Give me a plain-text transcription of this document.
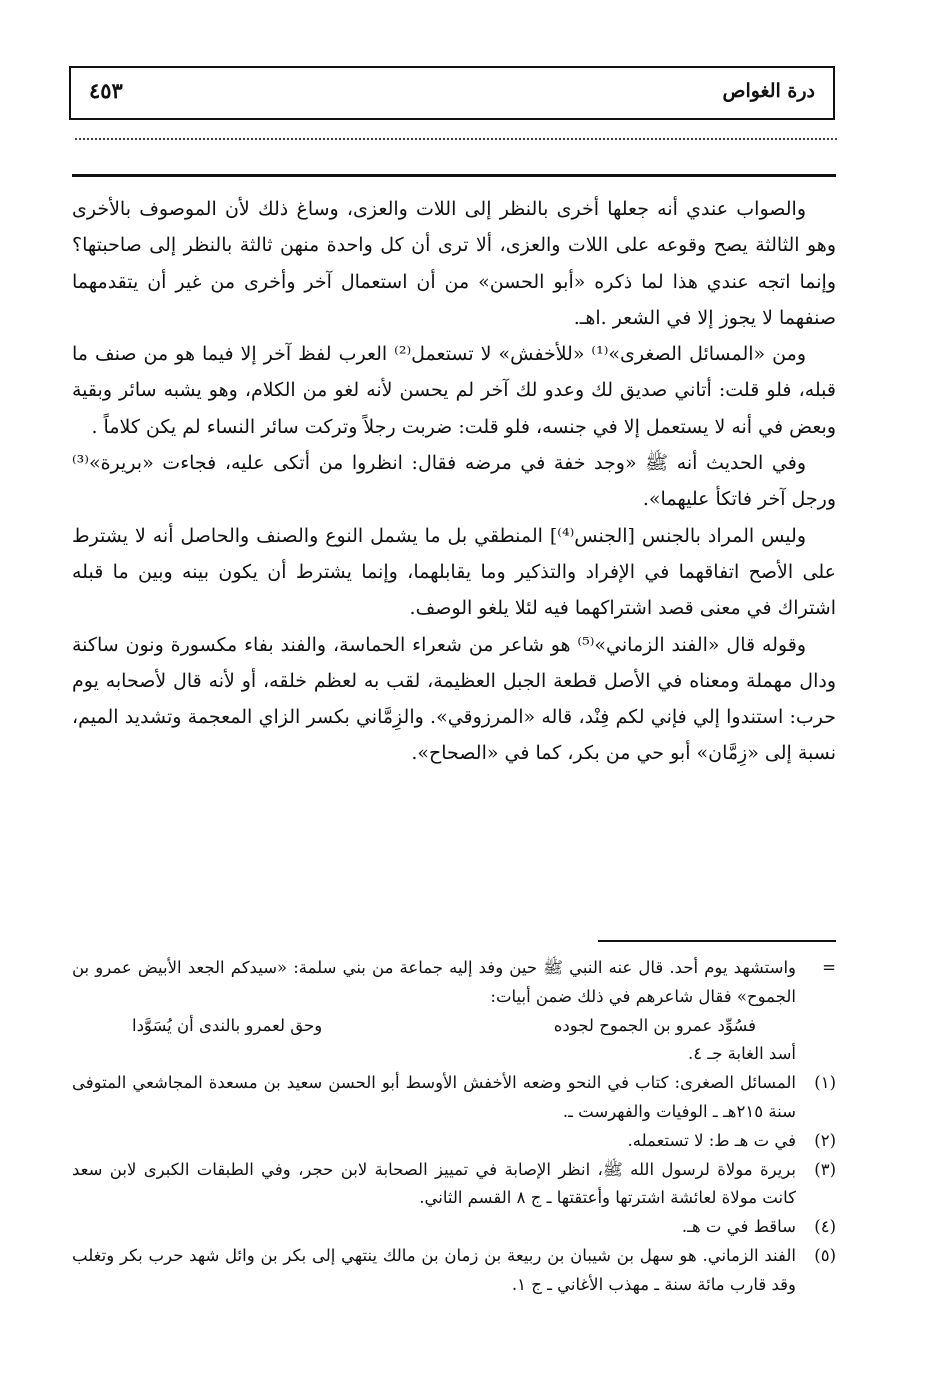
درة الغواص
٤٥٣

والصواب عندي أنه جعلها أخرى بالنظر إلى اللات والعزى، وساغ ذلك لأن الموصوف بالأخرى وهو الثالثة يصح وقوعه على اللات والعزى، ألا ترى أن كل واحدة منهن ثالثة بالنظر إلى صاحبتها؟ وإنما اتجه عندي هذا لما ذكره «أبو الحسن» من أن استعمال آخر وأخرى من غير أن يتقدمهما صنفهما لا يجوز إلا في الشعر .اهـ.

ومن «المسائل الصغرى»⁽¹⁾ «للأخفش» لا تستعمل⁽²⁾ العرب لفظ آخر إلا فيما هو من صنف ما قبله، فلو قلت: أتاني صديق لك وعدو لك آخر لم يحسن لأنه لغو من الكلام، وهو يشبه سائر وبقية وبعض في أنه لا يستعمل إلا في جنسه، فلو قلت: ضربت رجلاً وتركت سائر النساء لم يكن كلاماً .

وفي الحديث أنه ﷺ «وجد خفة في مرضه فقال: انظروا من أتكى عليه، فجاءت «بريرة»⁽³⁾ ورجل آخر فاتكأ عليهما».

وليس المراد بالجنس [الجنس⁽⁴⁾] المنطقي بل ما يشمل النوع والصنف والحاصل أنه لا يشترط على الأصح اتفاقهما في الإفراد والتذكير وما يقابلهما، وإنما يشترط أن يكون بينه وبين ما قبله اشتراك في معنى قصد اشتراكهما فيه لئلا يلغو الوصف.

وقوله قال «الفند الزماني»⁽⁵⁾ هو شاعر من شعراء الحماسة، والفند بفاء مكسورة ونون ساكنة ودال مهملة ومعناه في الأصل قطعة الجبل العظيمة، لقب به لعظم خلقه، أو لأنه قال لأصحابه يوم حرب: استندوا إلي فإني لكم فِنْد، قاله «المرزوقي». والزِمَّاني بكسر الزاي المعجمة وتشديد الميم، نسبة إلى «زِمَّان» أبو حي من بكر، كما في «الصحاح».

=
واستشهد يوم أحد. قال عنه النبي ﷺ حين وفد إليه جماعة من بني سلمة: «سيدكم الجعد الأبيض عمرو بن الجموح» فقال شاعرهم في ذلك ضمن أبيات:
فسُوِّد عمرو بن الجموح لجوده
وحق لعمرو بالندى أن يُسَوَّدا
أسد الغابة جـ ٤.
(١)
المسائل الصغرى: كتاب في النحو وضعه الأخفش الأوسط أبو الحسن سعيد بن مسعدة المجاشعي المتوفى سنة ٢١٥هـ ـ الوفيات والفهرست ـ.
(٢)
في ت هـ ط: لا تستعمله.
(٣)
بريرة مولاة لرسول الله ﷺ، انظر الإصابة في تمييز الصحابة لابن حجر، وفي الطبقات الكبرى لابن سعد كانت مولاة لعائشة اشترتها وأعتقتها ـ ج ٨ القسم الثاني.
(٤)
ساقط في ت هـ.
(٥)
الفند الزماني. هو سهل بن شيبان بن ربيعة بن زمان بن مالك ينتهي إلى بكر بن وائل شهد حرب بكر وتغلب وقد قارب مائة سنة ـ مهذب الأغاني ـ ج ١.
